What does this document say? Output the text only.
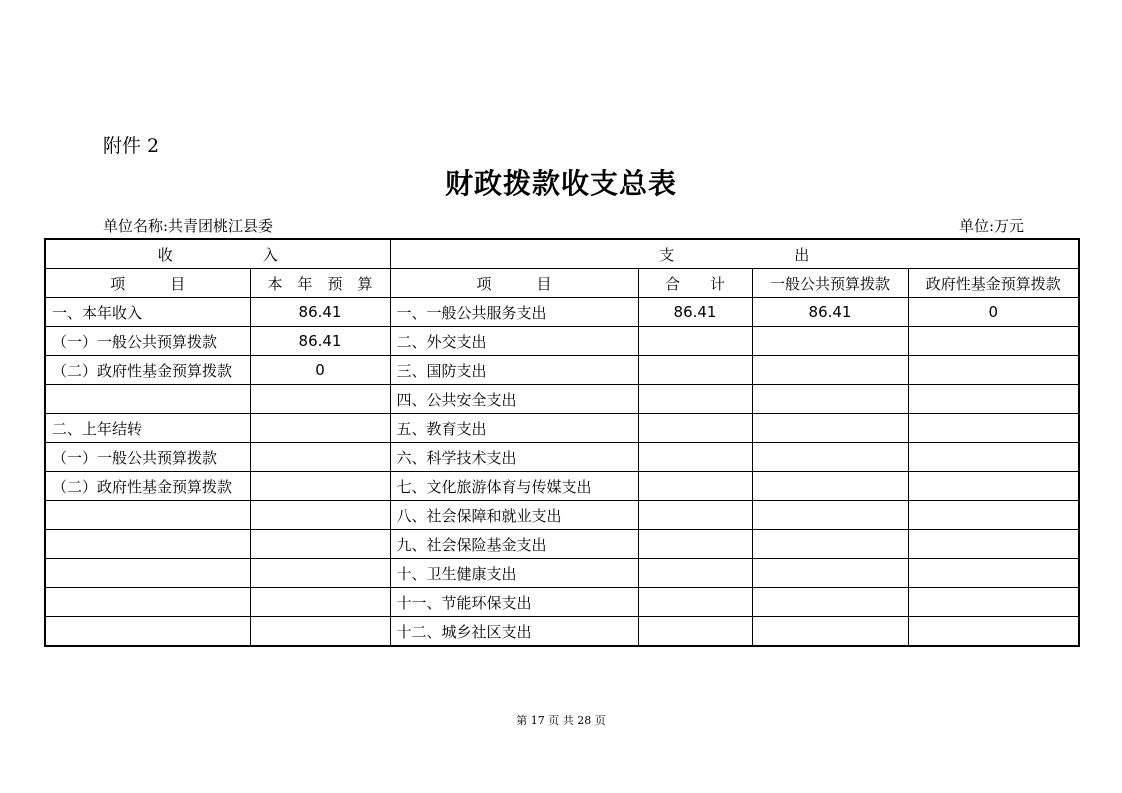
附件 2
财政拨款收支总表
单位名称:共青团桃江县委	单位:万元
收　　　　　　入		支　　　　　　　　出			
项　　　目	本　年　预　算	项　　　目	合　　计	一般公共预算拨款	政府性基金预算拨款
一、本年收入	86.41	一、一般公共服务支出	86.41	86.41	0
（一）一般公共预算拨款	86.41	二、外交支出			
（二）政府性基金预算拨款	0	三、国防支出			
		四、公共安全支出			
二、上年结转		五、教育支出			
（一）一般公共预算拨款		六、科学技术支出			
（二）政府性基金预算拨款		七、文化旅游体育与传媒支出			
		八、社会保障和就业支出			
		九、社会保险基金支出			
		十、卫生健康支出			
		十一、节能环保支出			
		十二、城乡社区支出			
第 17 页 共 28 页
